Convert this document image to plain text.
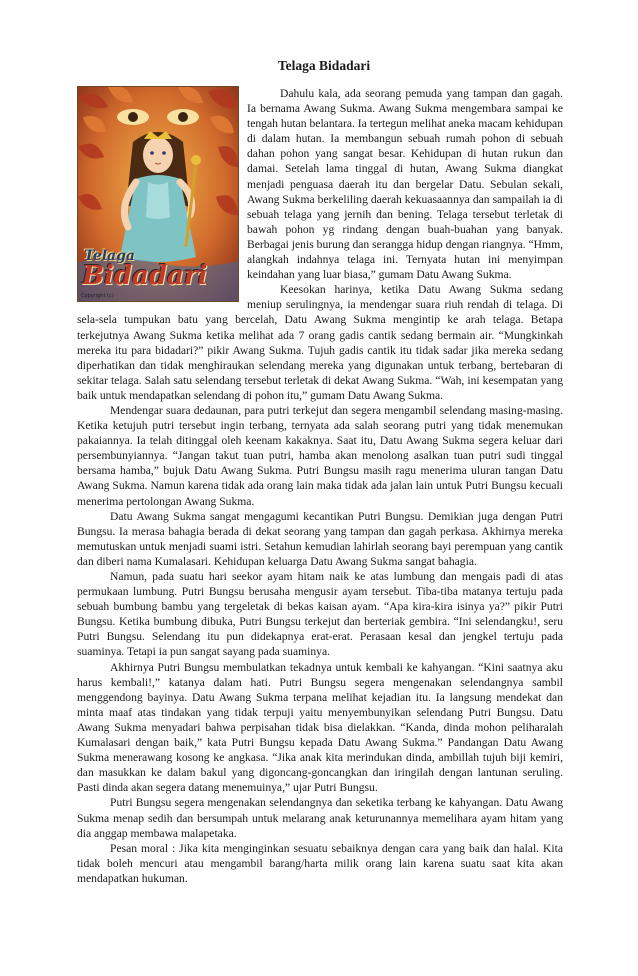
Telaga Bidadari
Telaga
Bidadari
Copyright (c)

Dahulu kala, ada seorang pemuda yang tampan dan gagah. Ia bernama Awang Sukma. Awang Sukma mengembara sampai ke tengah hutan belantara. Ia tertegun melihat aneka macam kehidupan di dalam hutan. Ia membangun sebuah rumah pohon di sebuah dahan pohon yang sangat besar. Kehidupan di hutan rukun dan damai. Setelah lama tinggal di hutan, Awang Sukma diangkat menjadi penguasa daerah itu dan bergelar Datu. Sebulan sekali, Awang Sukma berkeliling daerah kekuasaannya dan sampailah ia di sebuah telaga yang jernih dan bening. Telaga tersebut terletak di bawah pohon yg rindang dengan buah-buahan yang banyak. Berbagai jenis burung dan serangga hidup dengan riangnya. “Hmm, alangkah indahnya telaga ini. Ternyata hutan ini menyimpan keindahan yang luar biasa,” gumam Datu Awang Sukma.

Keesokan harinya, ketika Datu Awang Sukma sedang meniup serulingnya, ia mendengar suara riuh rendah di telaga. Di sela-sela tumpukan batu yang bercelah, Datu Awang Sukma mengintip ke arah telaga. Betapa terkejutnya Awang Sukma ketika melihat ada 7 orang gadis cantik sedang bermain air. “Mungkinkah mereka itu para bidadari?” pikir Awang Sukma. Tujuh gadis cantik itu tidak sadar jika mereka sedang diperhatikan dan tidak menghiraukan selendang mereka yang digunakan untuk terbang, bertebaran di sekitar telaga. Salah satu selendang tersebut terletak di dekat Awang Sukma. “Wah, ini kesempatan yang baik untuk mendapatkan selendang di pohon itu,” gumam Datu Awang Sukma.

Mendengar suara dedaunan, para putri terkejut dan segera mengambil selendang masing-masing. Ketika ketujuh putri tersebut ingin terbang, ternyata ada salah seorang putri yang tidak menemukan pakaiannya. Ia telah ditinggal oleh keenam kakaknya. Saat itu, Datu Awang Sukma segera keluar dari persembunyiannya. “Jangan takut tuan putri, hamba akan menolong asalkan tuan putri sudi tinggal bersama hamba,” bujuk Datu Awang Sukma. Putri Bungsu masih ragu menerima uluran tangan Datu Awang Sukma. Namun karena tidak ada orang lain maka tidak ada jalan lain untuk Putri Bungsu kecuali menerima pertolongan Awang Sukma.

Datu Awang Sukma sangat mengagumi kecantikan Putri Bungsu. Demikian juga dengan Putri Bungsu. Ia merasa bahagia berada di dekat seorang yang tampan dan gagah perkasa. Akhirnya mereka memutuskan untuk menjadi suami istri. Setahun kemudian lahirlah seorang bayi perempuan yang cantik dan diberi nama Kumalasari. Kehidupan keluarga Datu Awang Sukma sangat bahagia.

Namun, pada suatu hari seekor ayam hitam naik ke atas lumbung dan mengais padi di atas permukaan lumbung. Putri Bungsu berusaha mengusir ayam tersebut. Tiba-tiba matanya tertuju pada sebuah bumbung bambu yang tergeletak di bekas kaisan ayam. “Apa kira-kira isinya ya?” pikir Putri Bungsu. Ketika bumbung dibuka, Putri Bungsu terkejut dan berteriak gembira. “Ini selendangku!, seru Putri Bungsu. Selendang itu pun didekapnya erat-erat. Perasaan kesal dan jengkel tertuju pada suaminya. Tetapi ia pun sangat sayang pada suaminya.

Akhirnya Putri Bungsu membulatkan tekadnya untuk kembali ke kahyangan. “Kini saatnya aku harus kembali!,” katanya dalam hati. Putri Bungsu segera mengenakan selendangnya sambil menggendong bayinya. Datu Awang Sukma terpana melihat kejadian itu. Ia langsung mendekat dan minta maaf atas tindakan yang tidak terpuji yaitu menyembunyikan selendang Putri Bungsu. Datu Awang Sukma menyadari bahwa perpisahan tidak bisa dielakkan. “Kanda, dinda mohon peliharalah Kumalasari dengan baik,” kata Putri Bungsu kepada Datu Awang Sukma.” Pandangan Datu Awang Sukma menerawang kosong ke angkasa. “Jika anak kita merindukan dinda, ambillah tujuh biji kemiri, dan masukkan ke dalam bakul yang digoncang-goncangkan dan iringilah dengan lantunan seruling. Pasti dinda akan segera datang menemuinya,” ujar Putri Bungsu.

Putri Bungsu segera mengenakan selendangnya dan seketika terbang ke kahyangan. Datu Awang Sukma menap sedih dan bersumpah untuk melarang anak keturunannya memelihara ayam hitam yang dia anggap membawa malapetaka.

Pesan moral : Jika kita menginginkan sesuatu sebaiknya dengan cara yang baik dan halal. Kita tidak boleh mencuri atau mengambil barang/harta milik orang lain karena suatu saat kita akan mendapatkan hukuman.
